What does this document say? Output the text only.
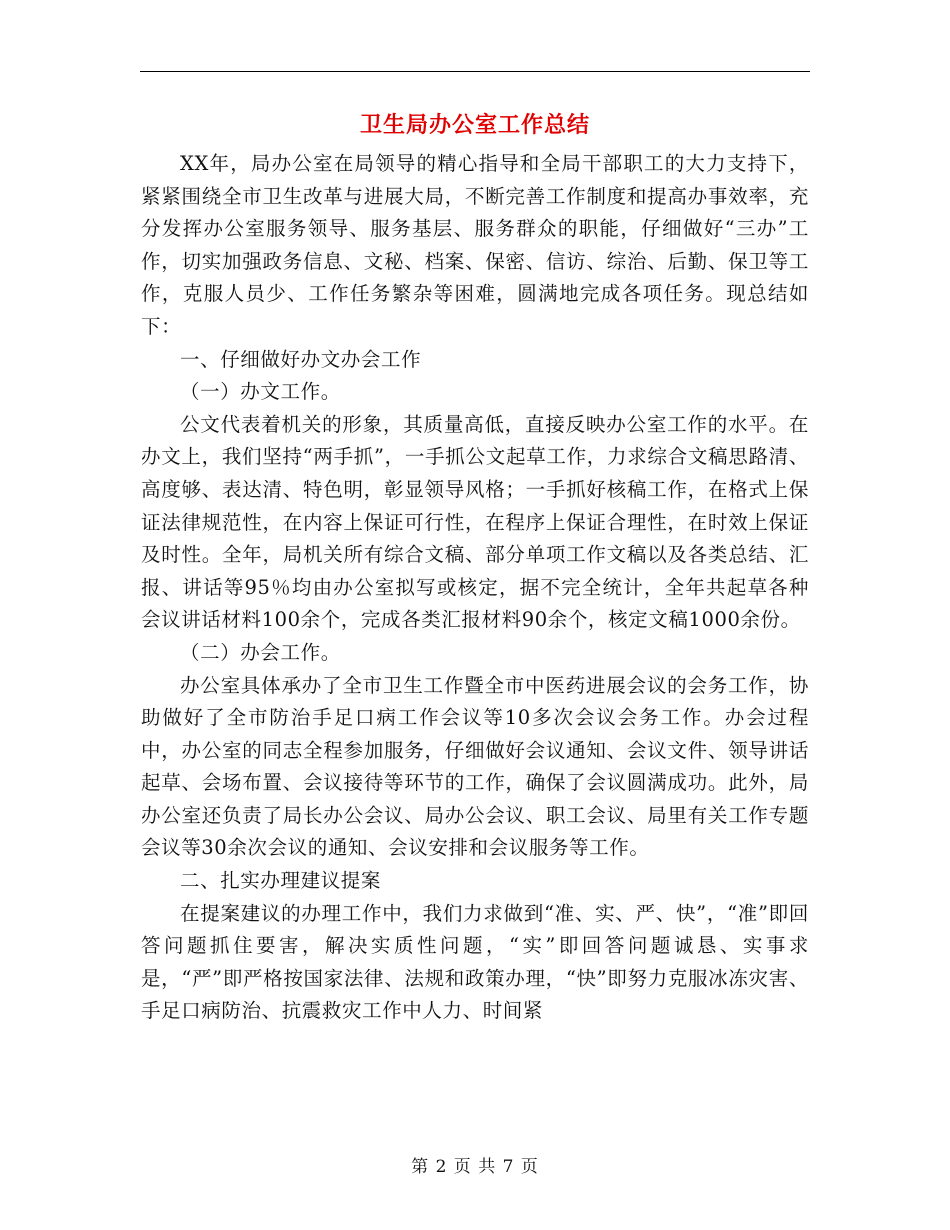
卫生局办公室工作总结

XX年，局办公室在局领导的精心指导和全局干部职工的大力支持下，紧紧围绕全市卫生改革与进展大局，不断完善工作制度和提高办事效率，充分发挥办公室服务领导、服务基层、服务群众的职能，仔细做好“三办”工作，切实加强政务信息、文秘、档案、保密、信访、综治、后勤、保卫等工作，克服人员少、工作任务繁杂等困难，圆满地完成各项任务。现总结如下：

一、仔细做好办文办会工作

（一）办文工作。

公文代表着机关的形象，其质量高低，直接反映办公室工作的水平。在办文上，我们坚持“两手抓”，一手抓公文起草工作，力求综合文稿思路清、高度够、表达清、特色明，彰显领导风格；一手抓好核稿工作，在格式上保证法律规范性，在内容上保证可行性，在程序上保证合理性，在时效上保证及时性。全年，局机关所有综合文稿、部分单项工作文稿以及各类总结、汇报、讲话等95％均由办公室拟写或核定，据不完全统计，全年共起草各种会议讲话材料100余个，完成各类汇报材料90余个，核定文稿1000余份。

（二）办会工作。

办公室具体承办了全市卫生工作暨全市中医药进展会议的会务工作，协助做好了全市防治手足口病工作会议等10多次会议会务工作。办会过程中，办公室的同志全程参加服务，仔细做好会议通知、会议文件、领导讲话起草、会场布置、会议接待等环节的工作，确保了会议圆满成功。此外，局办公室还负责了局长办公会议、局办公会议、职工会议、局里有关工作专题会议等30余次会议的通知、会议安排和会议服务等工作。

二、扎实办理建议提案

在提案建议的办理工作中，我们力求做到“准、实、严、快”，“准”即回答问题抓住要害，解决实质性问题，“实”即回答问题诚恳、实事求是，“严”即严格按国家法律、法规和政策办理，“快”即努力克服冰冻灾害、手足口病防治、抗震救灾工作中人力、时间紧

第 2 页 共 7 页
